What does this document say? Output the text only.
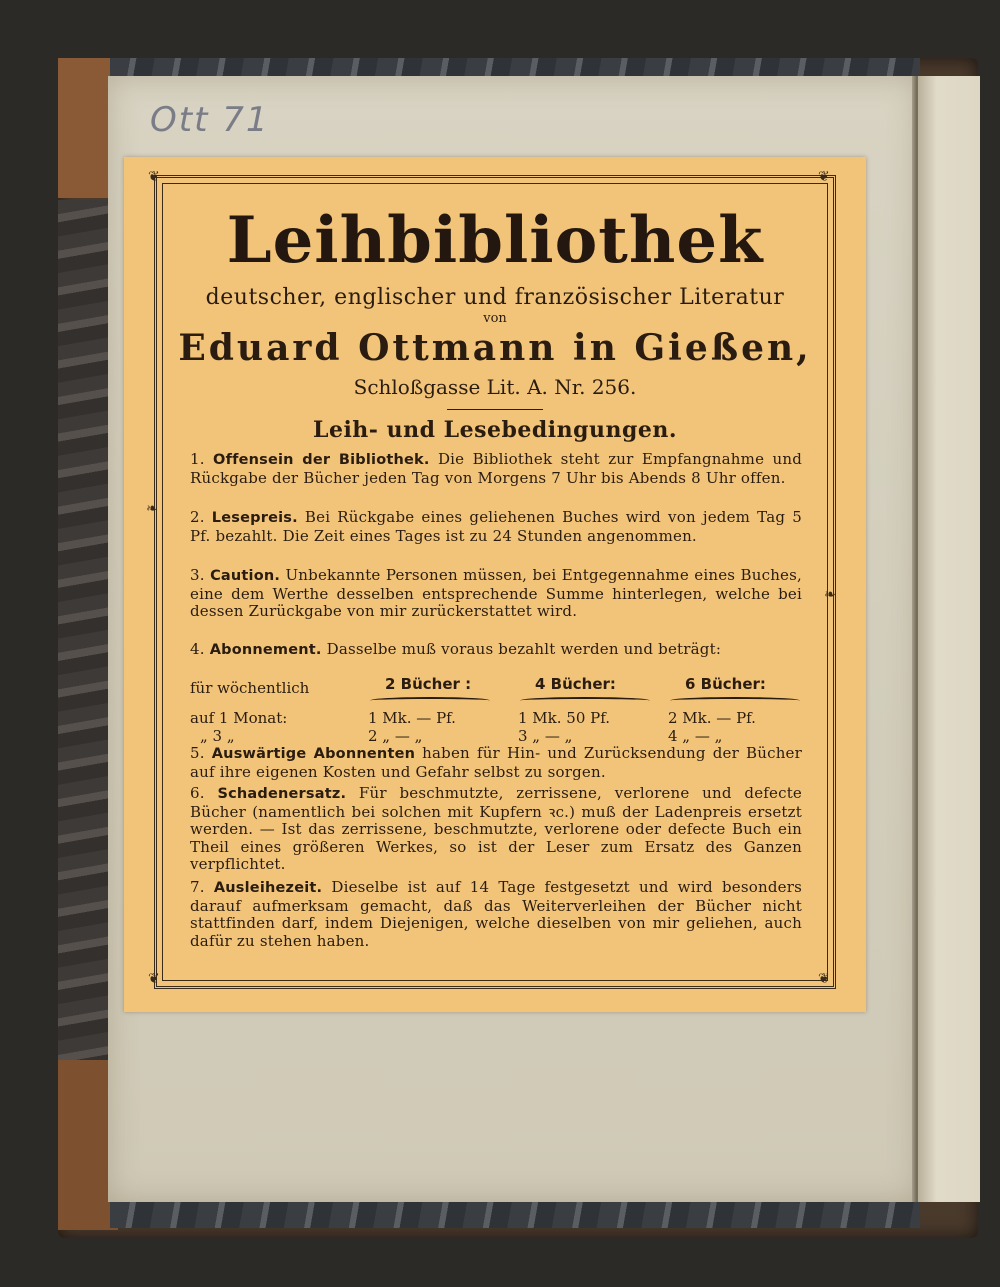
Ott 71
❦	❦
❦	❦
❧
❧
Leihbibliothek
deutscher, englischer und französischer Literatur
von
Eduard Ottmann in Gießen,
Schloßgasse Lit. A. Nr. 256.
Leih- und Lesebedingungen.
1. Offensein der Bibliothek. Die Bibliothek steht zur Empfangnahme und Rückgabe der Bücher jeden Tag von Morgens 7 Uhr bis Abends 8 Uhr offen.
2. Lesepreis. Bei Rückgabe eines geliehenen Buches wird von jedem Tag 5 Pf. bezahlt. Die Zeit eines Tages ist zu 24 Stunden angenommen.
3. Caution. Unbekannte Personen müssen, bei Entgegennahme eines Buches, eine dem Werthe desselben entsprechende Summe hinterlegen, welche bei dessen Zurückgabe von mir zurückerstattet wird.
4. Abonnement. Dasselbe muß voraus bezahlt werden und beträgt:
für wöchentlich	2 Bücher :	4 Bücher:	6 Bücher:
auf 1 Monat:	1 Mk. — Pf.	1 Mk. 50 Pf.	2 Mk. — Pf.
„ 3 „	2 „ — „	3 „ — „	4 „ — „
5. Auswärtige Abonnenten haben für Hin- und Zurücksendung der Bücher auf ihre eigenen Kosten und Gefahr selbst zu sorgen.
6. Schadenersatz. Für beschmutzte, zerrissene, verlorene und defecte Bücher (namentlich bei solchen mit Kupfern ꝛc.) muß der Ladenpreis ersetzt werden. — Ist das zerrissene, beschmutzte, verlorene oder defecte Buch ein Theil eines größeren Werkes, so ist der Leser zum Ersatz des Ganzen verpflichtet.
7. Ausleihezeit. Dieselbe ist auf 14 Tage festgesetzt und wird besonders darauf aufmerksam gemacht, daß das Weiterverleihen der Bücher nicht stattfinden darf, indem Diejenigen, welche dieselben von mir geliehen, auch dafür zu stehen haben.
